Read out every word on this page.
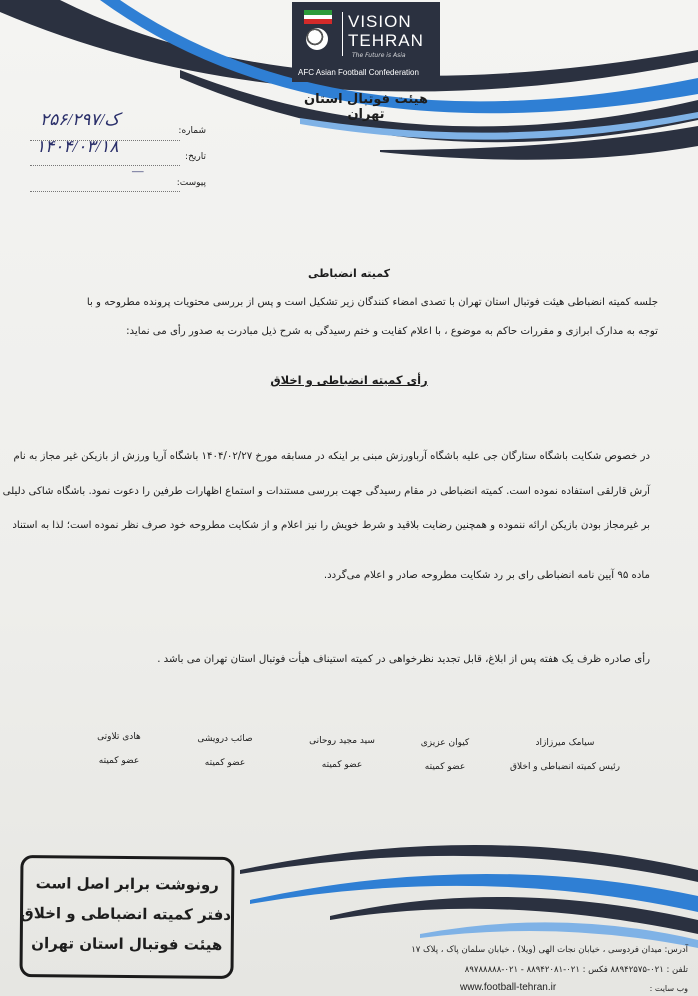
VISION
TEHRAN
The Future is Asia
AFC Asian Football Confederation
هیئت فوتبال استان تهران
شماره:
۲۵۶/ک/۲۹۷
تاریخ:
۱۴۰۴/۰۳/۱۸
پیوست:
—
کمیته انضباطی
جلسه کمیته انضباطی هیئت فوتبال استان تهران با تصدی امضاء کنندگان زیر تشکیل است و پس از بررسی محتویات پرونده مطروحه و با
توجه به مدارک ابرازی و مقررات حاکم به موضوع ، با اعلام کفایت و ختم رسیدگی به شرح ذیل مبادرت به صدور رأی می نماید:
رأی کمیته انضباطی و اخلاق
در خصوص شکایت باشگاه ستارگان جی علیه باشگاه آرباورزش مبنی بر اینکه در مسابقه مورخ ۱۴۰۴/۰۲/۲۷ باشگاه آریا ورزش از بازیکن غیر مجاز به نام
آرش قارلقی استفاده نموده است. کمیته انضباطی در مقام رسیدگی جهت بررسی مستندات و استماع اظهارات طرفین را دعوت نمود. باشگاه شاکی دلیلی
بر غیرمجاز بودن بازیکن ارائه ننموده و همچنین رضایت بلاقید و شرط خویش را نیز اعلام و از شکایت مطروحه خود صرف نظر نموده است؛ لذا به استناد
ماده ۹۵ آیین نامه انضباطی رای بر رد شکایت مطروحه صادر و اعلام می‌گردد.
رأی صادره ظرف یک هفته پس از ابلاغ، قابل تجدید نظرخواهی در کمیته استیناف هیأت فوتبال استان تهران می باشد .
سیامک میرزازاد
رئیس کمیته انضباطی و اخلاق
کیوان عزیزی
عضو کمیته
سید مجید روحانی
عضو کمیته
صائب درویشی
عضو کمیته
هادی تلاوتی
عضو کمیته
رونوشت برابر اصل است
دفتر کمیته انضباطی و اخلاق
هیئت فوتبال استان تهران	آدرس: میدان فردوسی ، خیابان نجات الهی (ویلا) ، خیابان سلمان پاک ، پلاک ۱۷
تلفن : ۰۲۱-۸۸۹۴۲۵۷۵ فکس : ۰۲۱-۸۸۹۴۲۰۸۱ - ۰۲۱-۸۹۷۸۸۸۸۸
وب سایت :
www.football-tehran.ir
